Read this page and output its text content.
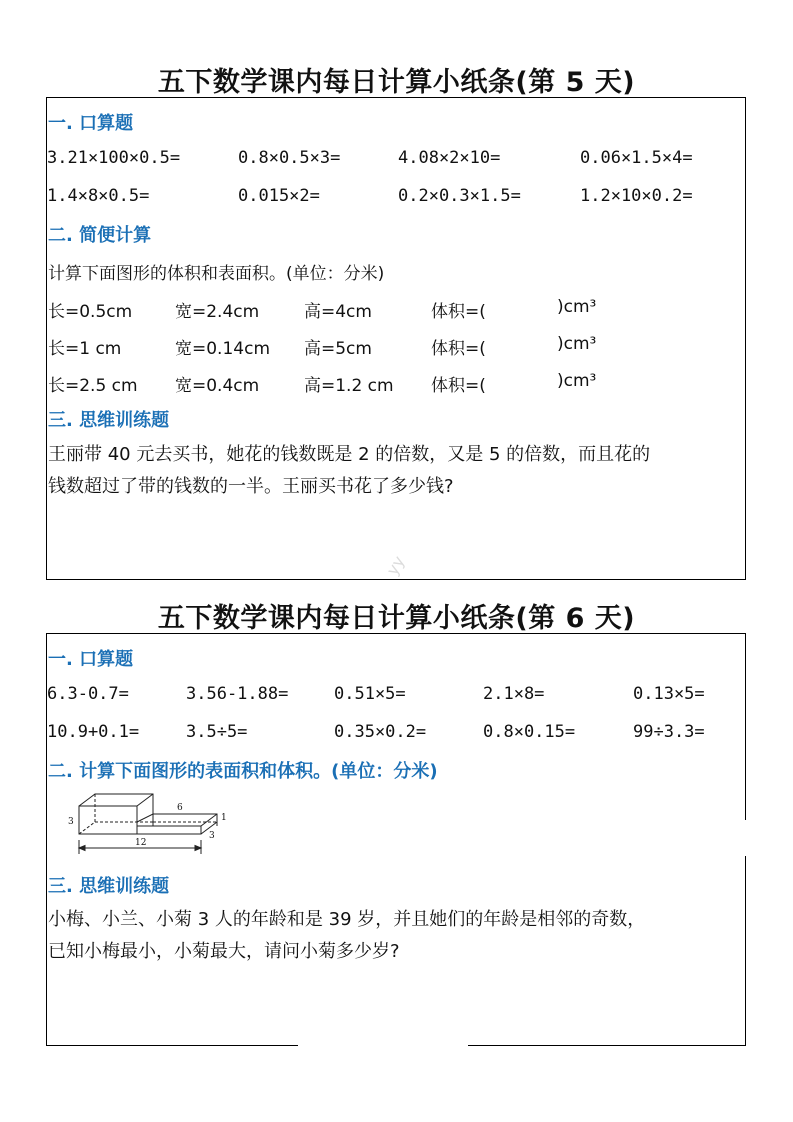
五下数学课内每日计算小纸条(第 5 天)
一. 口算题
3.21×100×0.5=	0.8×0.5×3=	4.08×2×10=	0.06×1.5×4=
1.4×8×0.5=	0.015×2=	0.2×0.3×1.5=	1.2×10×0.2=
二. 简便计算
计算下面图形的体积和表面积。(单位：分米)
长=0.5cm	宽=2.4cm	高=4cm	体积=(	)cm³
长=1 cm	宽=0.14cm 高=5cm	体积=(	)cm³
长=2.5 cm 宽=0.4cm	高=1.2 cm 体积=(	)cm³
三. 思维训练题
王丽带 40 元去买书，她花的钱数既是 2 的倍数，又是 5 的倍数，而且花的
钱数超过了带的钱数的一半。王丽买书花了多少钱?
yy
五下数学课内每日计算小纸条(第 6 天)
一. 口算题
6.3-0.7=	3.56-1.88=	0.51×5=	2.1×8=	0.13×5=
10.9+0.1=	3.5÷5=	0.35×0.2=	0.8×0.15=	99÷3.3=
二. 计算下面图形的表面积和体积。(单位：分米)
3
6
1
3
12
三. 思维训练题
小梅、小兰、小菊 3 人的年龄和是 39 岁，并且她们的年龄是相邻的奇数，
已知小梅最小，小菊最大，请问小菊多少岁?
